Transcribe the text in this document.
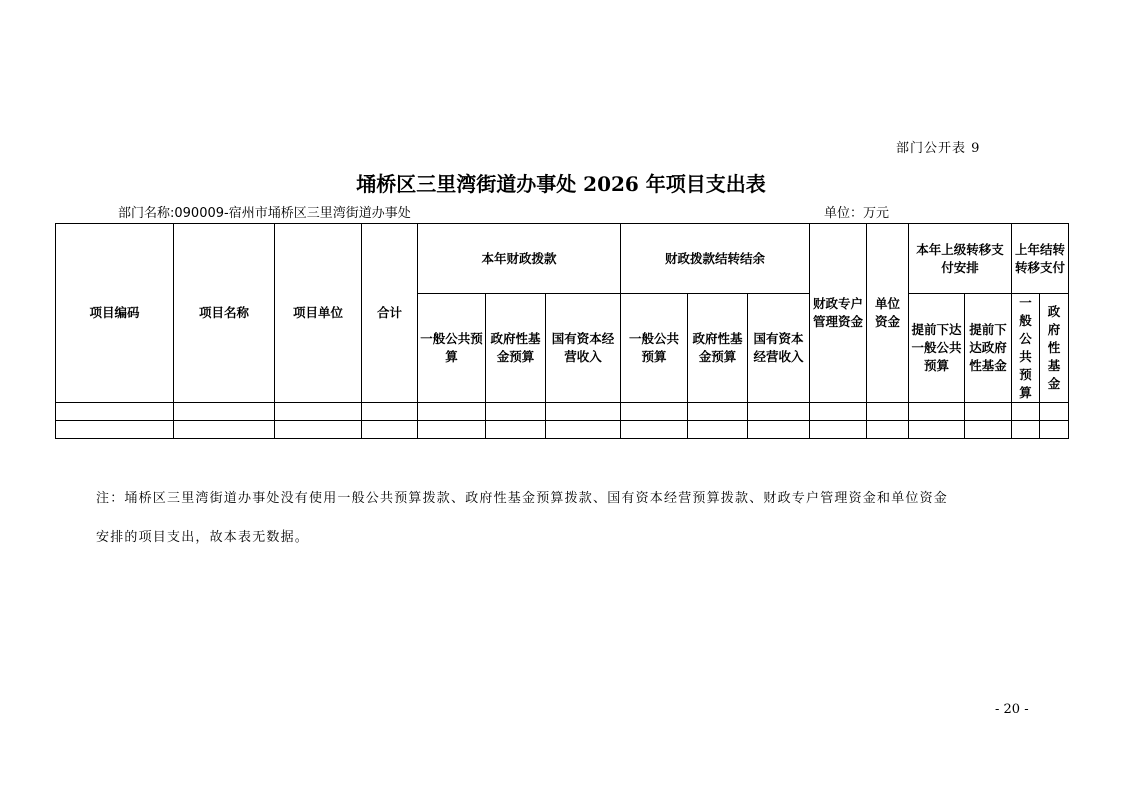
部门公开表 9
埇桥区三里湾街道办事处 2026 年项目支出表
部门名称:090009-宿州市埇桥区三里湾街道办事处	单位：万元
项目编码	项目名称	项目单位	合计	本年财政拨款			财政拨款结转结余			财政专户管理资金	单位资金	本年上级转移支付安排		上年结转转移支付	
				一般公共预算	政府性基金预算	国有资本经营收入	一般公共预算	政府性基金预算	国有资本经营收入			提前下达一般公共预算	提前下达政府性基金	一般公共预算	政府性基金

注：埇桥区三里湾街道办事处没有使用一般公共预算拨款、政府性基金预算拨款、国有资本经营预算拨款、财政专户管理资金和单位资金
安排的项目支出，故本表无数据。
- 20 -
